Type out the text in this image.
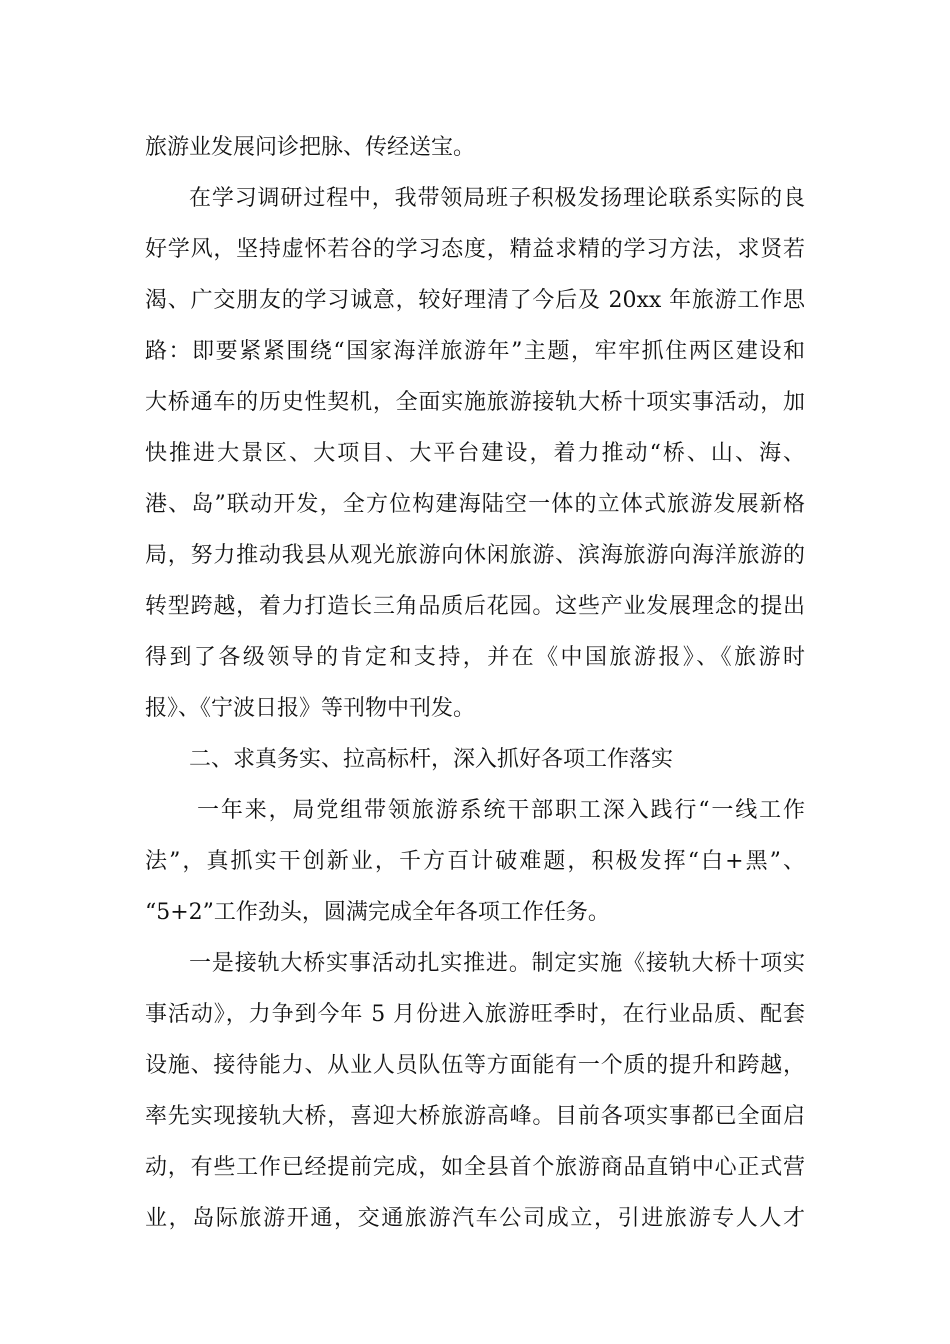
旅游业发展问诊把脉、传经送宝。
在学习调研过程中，我带领局班子积极发扬理论联系实际的良
好学风，坚持虚怀若谷的学习态度，精益求精的学习方法，求贤若
渴、广交朋友的学习诚意，较好理清了今后及 20xx 年旅游工作思
路：即要紧紧围绕“国家海洋旅游年”主题，牢牢抓住两区建设和
大桥通车的历史性契机，全面实施旅游接轨大桥十项实事活动，加
快推进大景区、大项目、大平台建设，着力推动“桥、山、海、
港、岛”联动开发，全方位构建海陆空一体的立体式旅游发展新格
局，努力推动我县从观光旅游向休闲旅游、滨海旅游向海洋旅游的
转型跨越，着力打造长三角品质后花园。这些产业发展理念的提出
得到了各级领导的肯定和支持，并在《中国旅游报》、《旅游时
报》、《宁波日报》等刊物中刊发。
二、求真务实、拉高标杆，深入抓好各项工作落实
一年来，局党组带领旅游系统干部职工深入践行“一线工作
法”，真抓实干创新业，千方百计破难题，积极发挥“白+黑”、
“5+2”工作劲头，圆满完成全年各项工作任务。
一是接轨大桥实事活动扎实推进。制定实施《接轨大桥十项实
事活动》，力争到今年 5 月份进入旅游旺季时，在行业品质、配套
设施、接待能力、从业人员队伍等方面能有一个质的提升和跨越，
率先实现接轨大桥，喜迎大桥旅游高峰。目前各项实事都已全面启
动，有些工作已经提前完成，如全县首个旅游商品直销中心正式营
业，岛际旅游开通，交通旅游汽车公司成立，引进旅游专人人才
